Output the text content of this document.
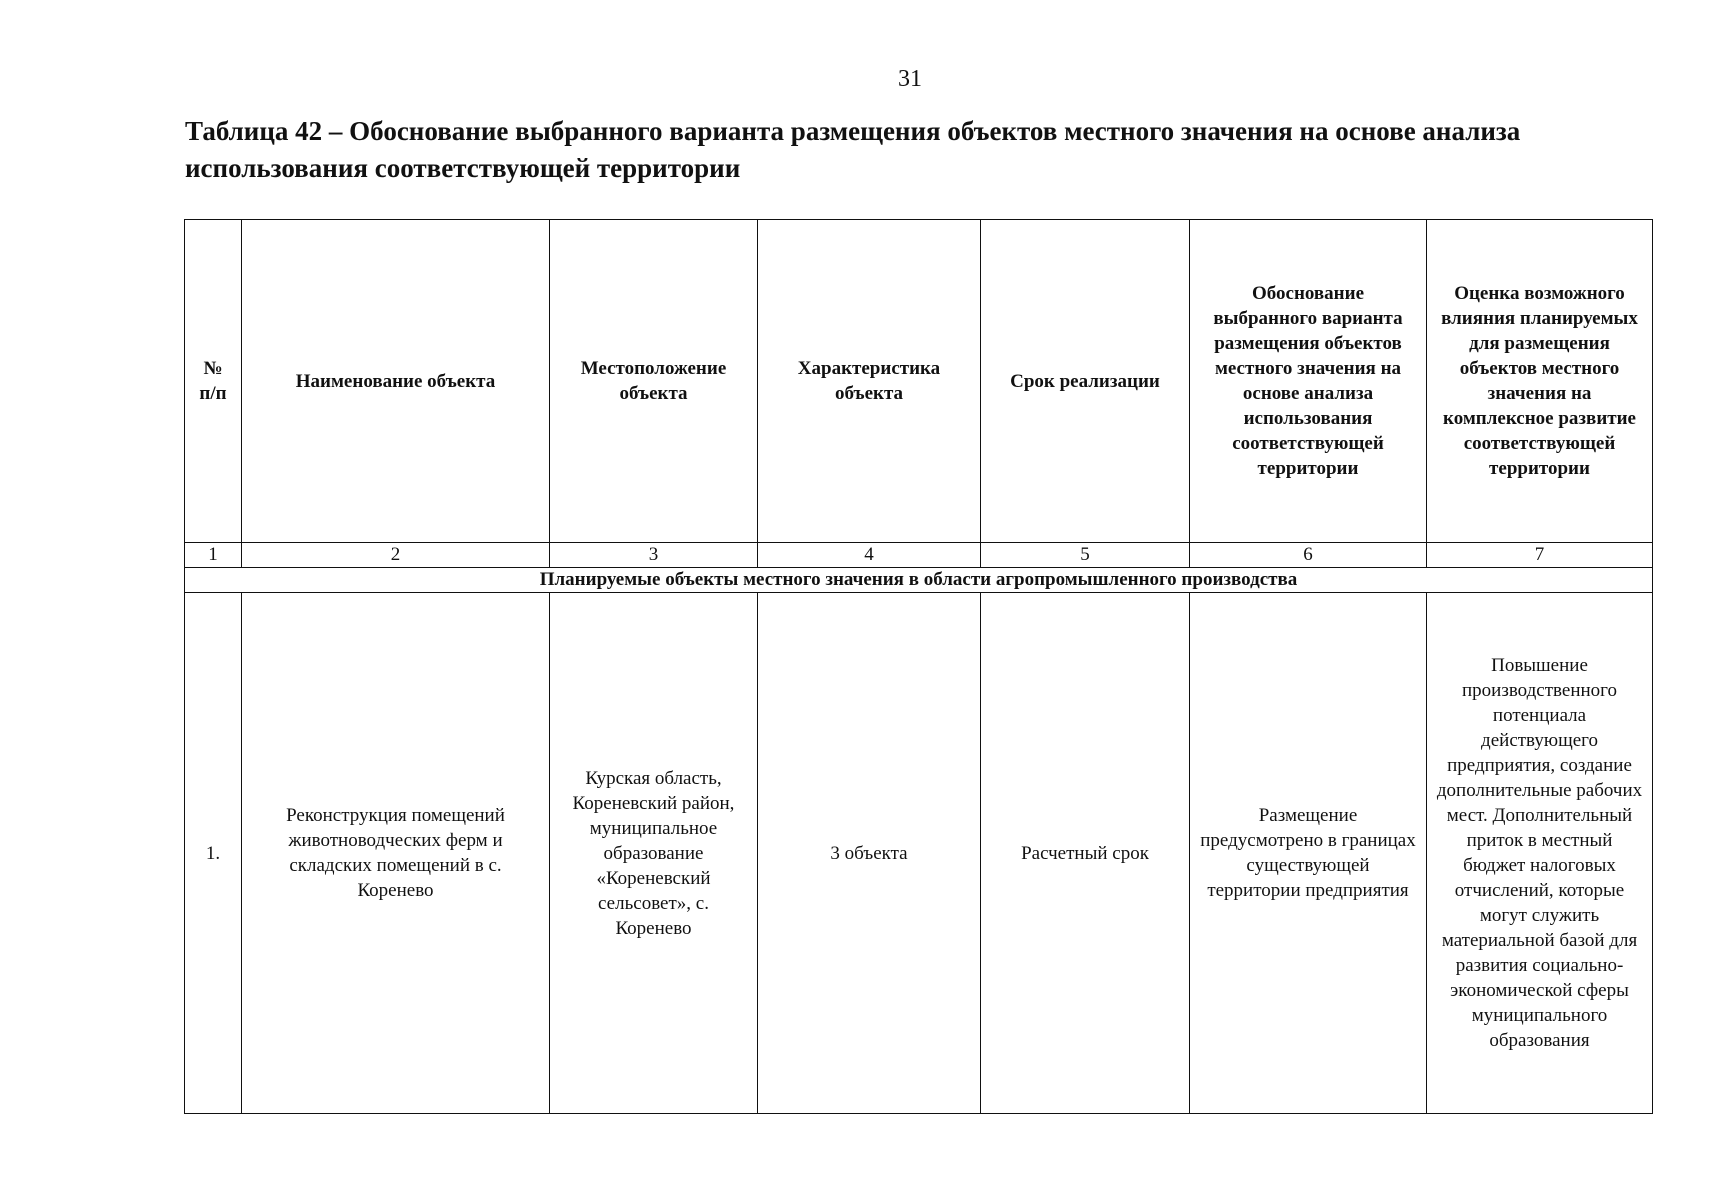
31
Таблица 42 – Обоснование выбранного варианта размещения объектов местного значения на основе анализа использования соответствующей территории
№ п/п	Наименование объекта	Местоположение объекта	Характеристика объекта	Срок реализации	Обоснование выбранного варианта размещения объектов местного значения на основе анализа использования соответствующей территории	Оценка возможного влияния планируемых для размещения объектов местного значения на комплексное развитие соответствующей территории
1	2	3	4	5	6	7
Планируемые объекты местного значения в области агропромышленного производства						
1.	Реконструкция помещений животноводческих ферм и складских помещений в с. Коренево	Курская область, Кореневский район, муниципальное образование «Кореневский сельсовет», с. Коренево	3 объекта	Расчетный срок	Размещение предусмотрено в границах существующей территории предприятия	Повышение производственного потенциала действующего предприятия, создание дополнительные рабочих мест. Дополнительный приток в местный бюджет налоговых отчислений, которые могут служить материальной базой для развития социально-экономической сферы муниципального образования
